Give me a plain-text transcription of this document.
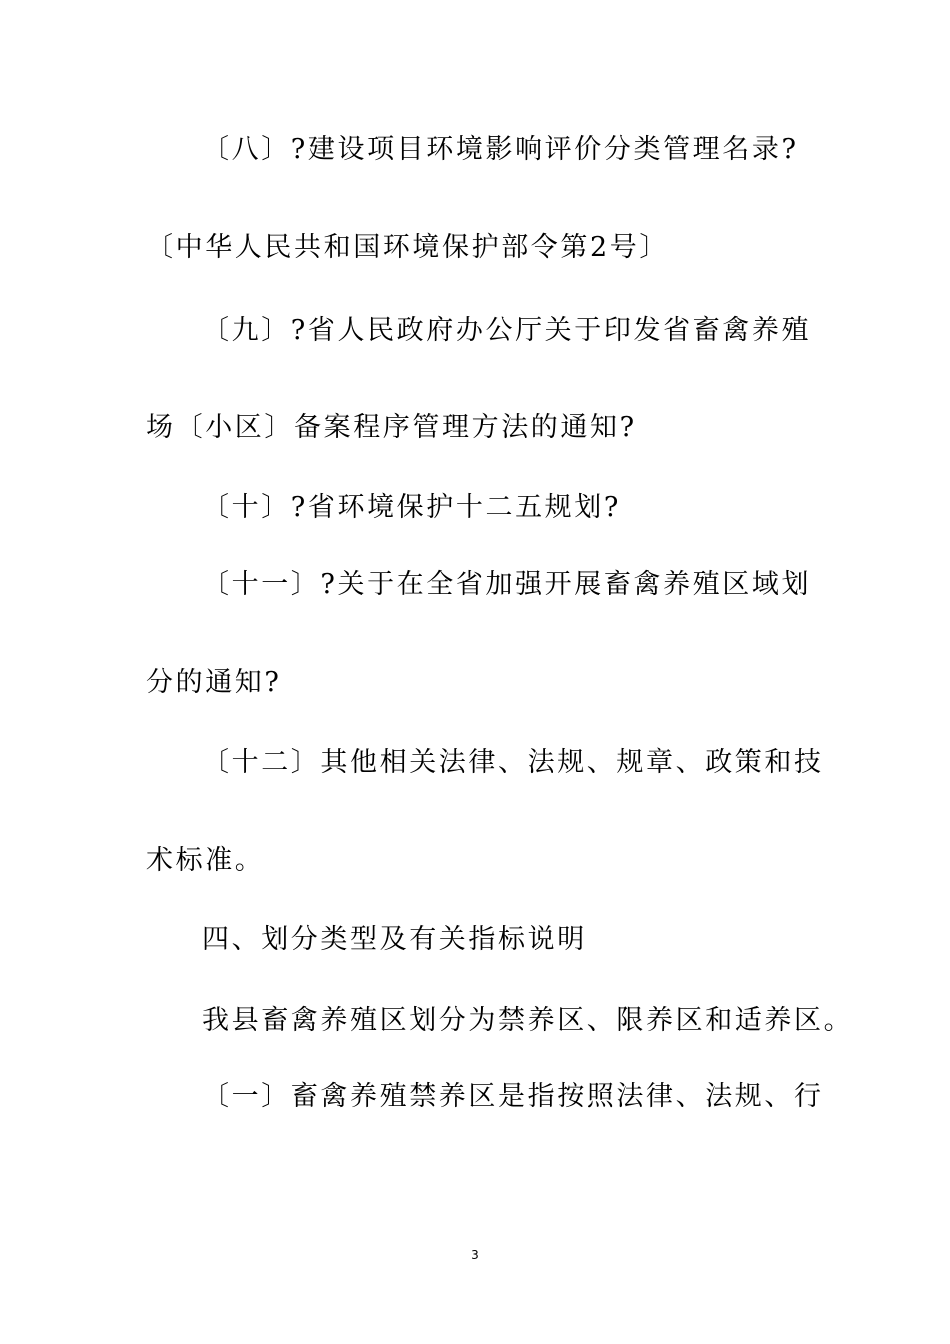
〔八〕?建设项目环境影响评价分类管理名录?
〔中华人民共和国环境保护部令第2号〕
〔九〕?省人民政府办公厅关于印发省畜禽养殖
场〔小区〕备案程序管理方法的通知?
〔十〕?省环境保护十二五规划?
〔十一〕?关于在全省加强开展畜禽养殖区域划
分的通知?
〔十二〕其他相关法律、法规、规章、政策和技
术标准。
四、划分类型及有关指标说明
我县畜禽养殖区划分为禁养区、限养区和适养区。
〔一〕畜禽养殖禁养区是指按照法律、法规、行
3
